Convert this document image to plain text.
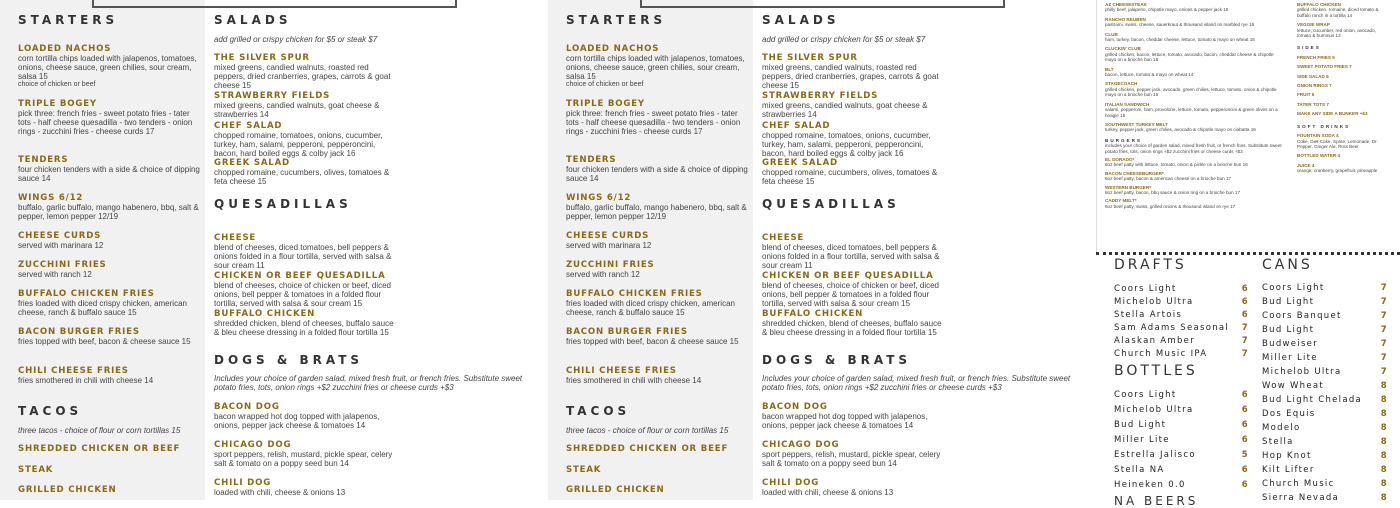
STARTERS
LOADED NACHOS
corn tortilla chips loaded with jalapenos, tomatoes, onions, cheese sauce, green chilies, sour cream, salsa 15
choice of chicken or beef
TRIPLE BOGEY
pick three: french fries - sweet potato fries - tater tots - half cheese quesadilla - two tenders - onion rings - zucchini fries - cheese curds 17
TENDERS
four chicken tenders with a side & choice of dipping sauce 14
WINGS 6/12
buffalo, garlic buffalo, mango habenero, bbq, salt & pepper, lemon pepper 12/19
CHEESE CURDS
served with marinara 12
ZUCCHINI FRIES
served with ranch 12
BUFFALO CHICKEN FRIES
fries loaded with diced crispy chicken, american cheese, ranch & buffalo sauce 15
BACON BURGER FRIES
fries topped with beef, bacon & cheese sauce 15
CHILI CHEESE FRIES
fries smothered in chili with cheese 14
TACOS
three tacos - choice of flour or corn tortillas 15
SHREDDED CHICKEN OR BEEF
STEAK
GRILLED CHICKEN
SALADS
add grilled or crispy chicken for $5 or steak $7
THE SILVER SPUR
mixed greens, candied walnuts, roasted red peppers, dried cranberries, grapes, carrots & goat cheese 15
STRAWBERRY FIELDS
mixed greens, candied walnuts, goat cheese & strawberries 14
CHEF SALAD
chopped romaine, tomatoes, onions, cucumber, turkey, ham, salami, pepperoni, pepperoncini, bacon, hard boiled eggs & colby jack 16
GREEK SALAD
chopped romaine, cucumbers, olives, tomatoes & feta cheese 15
QUESADILLAS
CHEESE
blend of cheeses, diced tomatoes, bell peppers & onions folded in a flour tortilla, served with salsa & sour cream 11
CHICKEN OR BEEF QUESADILLA
blend of cheeses, choice of chicken or beef, diced onions, bell pepper & tomatoes in a folded flour tortilla, served with salsa & sour cream 15
BUFFALO CHICKEN
shredded chicken, blend of cheeses, buffalo sauce & bleu cheese dressing in a folded flour tortilla 15
DOGS & BRATS
Includes your choice of garden salad, mixed fresh fruit, or french fries. Substitute sweet potato fries, tots, onion rings +$2 zucchini fries or cheese curds +$3
BACON DOG
bacon wrapped hot dog topped with jalapenos, onions, pepper jack cheese & tomatoes 14
CHICAGO DOG
sport peppers, relish, mustard, pickle spear, celery salt & tomato on a poppy seed bun 14
CHILI DOG
loaded with chili, cheese & onions 13
STARTERS
LOADED NACHOS
corn tortilla chips loaded with jalapenos, tomatoes, onions, cheese sauce, green chilies, sour cream, salsa 15
choice of chicken or beef
TRIPLE BOGEY
pick three: french fries - sweet potato fries - tater tots - half cheese quesadilla - two tenders - onion rings - zucchini fries - cheese curds 17
TENDERS
four chicken tenders with a side & choice of dipping sauce 14
WINGS 6/12
buffalo, garlic buffalo, mango habenero, bbq, salt & pepper, lemon pepper 12/19
CHEESE CURDS
served with marinara 12
ZUCCHINI FRIES
served with ranch 12
BUFFALO CHICKEN FRIES
fries loaded with diced crispy chicken, american cheese, ranch & buffalo sauce 15
BACON BURGER FRIES
fries topped with beef, bacon & cheese sauce 15
CHILI CHEESE FRIES
fries smothered in chili with cheese 14
TACOS
three tacos - choice of flour or corn tortillas 15
SHREDDED CHICKEN OR BEEF
STEAK
GRILLED CHICKEN
SALADS
add grilled or crispy chicken for $5 or steak $7
THE SILVER SPUR
mixed greens, candied walnuts, roasted red peppers, dried cranberries, grapes, carrots & goat cheese 15
STRAWBERRY FIELDS
mixed greens, candied walnuts, goat cheese & strawberries 14
CHEF SALAD
chopped romaine, tomatoes, onions, cucumber, turkey, ham, salami, pepperoni, pepperoncini, bacon, hard boiled eggs & colby jack 16
GREEK SALAD
chopped romaine, cucumbers, olives, tomatoes & feta cheese 15
QUESADILLAS
CHEESE
blend of cheeses, diced tomatoes, bell peppers & onions folded in a flour tortilla, served with salsa & sour cream 11
CHICKEN OR BEEF QUESADILLA
blend of cheeses, choice of chicken or beef, diced onions, bell pepper & tomatoes in a folded flour tortilla, served with salsa & sour cream 15
BUFFALO CHICKEN
shredded chicken, blend of cheeses, buffalo sauce & bleu cheese dressing in a folded flour tortilla 15
DOGS & BRATS
Includes your choice of garden salad, mixed fresh fruit, or french fries. Substitute sweet potato fries, tots, onion rings +$2 zucchini fries or cheese curds +$3
BACON DOG
bacon wrapped hot dog topped with jalapenos, onions, pepper jack cheese & tomatoes 14
CHICAGO DOG
sport peppers, relish, mustard, pickle spear, celery salt & tomato on a poppy seed bun 14
CHILI DOG
loaded with chili, cheese & onions 13
AZ CHEESESTEAK
philly beef, jalapeno, chipotle mayo, onions & pepper jack 16
RANCHO REUBEN
pastrami, swiss, cheese, sauerkraut & thousand island on marbled rye 16
CLUB
ham, turkey, bacon, cheddar cheese, lettuce, tomato & mayo on wheat 15
CLUCKIN' CLUB
grilled chicken, bacon, lettuce, tomato, avocado, bacon, cheddar cheese & chipotle mayo on a brioche bun 16
BLT
bacon, lettuce, tomato & mayo on wheat 14
STAGECOACH
grilled chicken, pepper jack, avocado, green chilies, lettuce, tomato, onion & chipotle mayo on a brioche bun 16
ITALIAN SANDWICH
salami, pepperoni, ham, provolone, lettuce, tomato, pepperoncini & green olives on a hoagie 16
SOUTHWEST TURKEY MELT
turkey, pepper jack, green chilies, avocado & chipotle mayo on ciabatta 16
BURGERS
includes your choice of garden salad, mixed fresh fruit, or french fries. Substitute sweet potato fries, tots, onion rings +$2 zucchini fries or cheese curds +$3
EL DORADO*
8oz beef patty with lettuce, tomato, onion & pickle on a brioche bun 16
BACON CHEESEBURGER*
8oz beef patty, bacon & american cheese on a brioche bun 17
WESTERN BURGER*
8oz beef patty, bacon, bbq sauce & onion ring on a brioche bun 17
CADDY MELT*
8oz beef patty, swiss, grilled onions & thousand island on rye 17
BUFFALO CHICKEN
grilled chicken, romaine, diced tomato & buffalo ranch in a tortilla 14
VEGGIE WRAP
lettuce, cucumber, red onion, avocado, tomato & hummus 13
SIDES
FRENCH FRIES 5
SWEET POTATO FRIES 7
SIDE SALAD 5
ONION RINGS 7
FRUIT 5
TATER TOTS 7
MAKE ANY SIDE A BUNKER +$3
SOFT DRINKS
FOUNTAIN SODA 4
Coke, Diet Coke, Sprite, Lemonade, Dr. Pepper, Ginger Ale, Root Beer
BOTTLED WATER 4
JUICE 4
orange, cranberry, grapefruit, pineapple
DRAFTS	CANS
Coors Light	6
Michelob Ultra	6
Stella Artois	6
Sam Adams Seasonal 7
Alaskan Amber	7
Church Music IPA	7
BOTTLES
Coors Light	6
Michelob Ultra	6
Bud Light	6
Miller Lite	6
Estrella Jalisco	5
Stella NA	6
Heineken 0.0	6
NA BEERS
Coors Light	7
Bud Light	7
Coors Banquet	7
Bud Light	7
Budweiser	7
Miller Lite	7
Michelob Ultra	7
Wow Wheat	8
Bud Light Chelada 8
Dos Equis	8
Modelo	8
Stella	8
Hop Knot	8
Kilt Lifter	8
Church Music	8
Sierra Nevada	8
